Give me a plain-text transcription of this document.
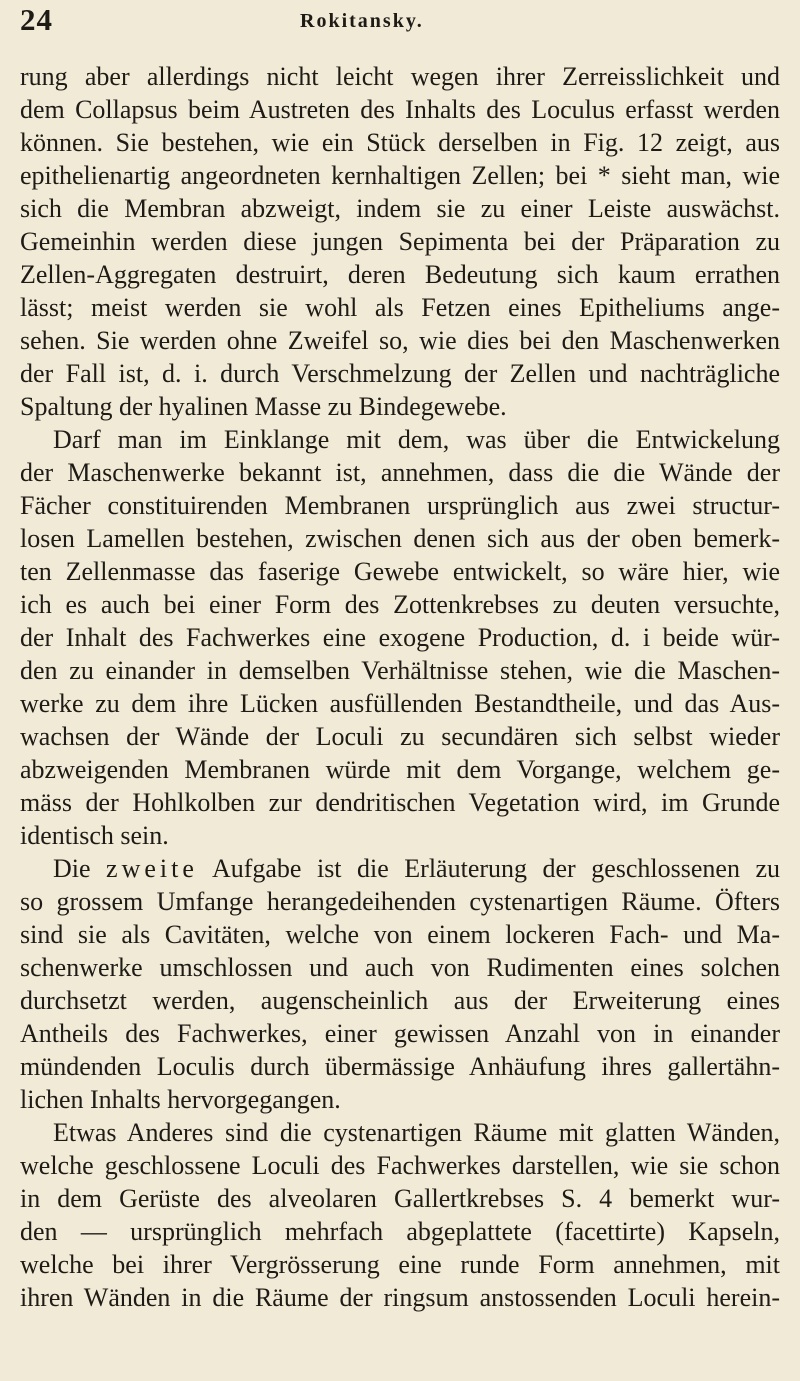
24	Rokitansky.
rung aber allerdings nicht leicht wegen ihrer Zerreisslichkeit und
dem Collapsus beim Austreten des Inhalts des Loculus erfasst werden
können. Sie bestehen, wie ein Stück derselben in Fig. 12 zeigt, aus
epithelienartig angeordneten kernhaltigen Zellen; bei * sieht man, wie
sich die Membran abzweigt, indem sie zu einer Leiste auswächst.
Gemeinhin werden diese jungen Sepimenta bei der Präparation zu
Zellen-Aggregaten destruirt, deren Bedeutung sich kaum errathen
lässt; meist werden sie wohl als Fetzen eines Epitheliums ange-
sehen. Sie werden ohne Zweifel so, wie dies bei den Maschenwerken
der Fall ist, d. i. durch Verschmelzung der Zellen und nachträgliche
Spaltung der hyalinen Masse zu Bindegewebe.
Darf man im Einklange mit dem, was über die Entwickelung
der Maschenwerke bekannt ist, annehmen, dass die die Wände der
Fächer constituirenden Membranen ursprünglich aus zwei structur-
losen Lamellen bestehen, zwischen denen sich aus der oben bemerk-
ten Zellenmasse das faserige Gewebe entwickelt, so wäre hier, wie
ich es auch bei einer Form des Zottenkrebses zu deuten versuchte,
der Inhalt des Fachwerkes eine exogene Production, d. i beide wür-
den zu einander in demselben Verhältnisse stehen, wie die Maschen-
werke zu dem ihre Lücken ausfüllenden Bestandtheile, und das Aus-
wachsen der Wände der Loculi zu secundären sich selbst wieder
abzweigenden Membranen würde mit dem Vorgange, welchem ge-
mäss der Hohlkolben zur dendritischen Vegetation wird, im Grunde
identisch sein.
Die zweite Aufgabe ist die Erläuterung der geschlossenen zu
so grossem Umfange herangedeihenden cystenartigen Räume. Öfters
sind sie als Cavitäten, welche von einem lockeren Fach- und Ma-
schenwerke umschlossen und auch von Rudimenten eines solchen
durchsetzt werden, augenscheinlich aus der Erweiterung eines
Antheils des Fachwerkes, einer gewissen Anzahl von in einander
mündenden Loculis durch übermässige Anhäufung ihres gallertähn-
lichen Inhalts hervorgegangen.
Etwas Anderes sind die cystenartigen Räume mit glatten Wänden,
welche geschlossene Loculi des Fachwerkes darstellen, wie sie schon
in dem Gerüste des alveolaren Gallertkrebses S. 4 bemerkt wur-
den — ursprünglich mehrfach abgeplattete (facettirte) Kapseln,
welche bei ihrer Vergrösserung eine runde Form annehmen, mit
ihren Wänden in die Räume der ringsum anstossenden Loculi herein-
